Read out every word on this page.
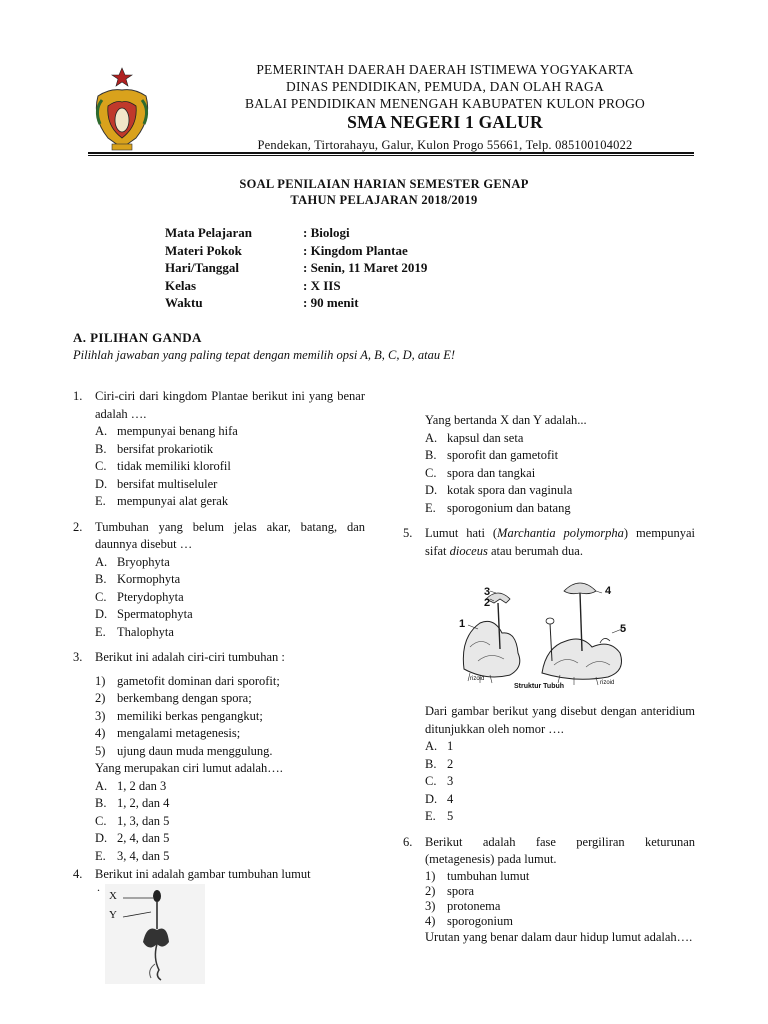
PEMERINTAH DAERAH DAERAH ISTIMEWA YOGYAKARTA
DINAS PENDIDIKAN, PEMUDA, DAN OLAH RAGA
BALAI PENDIDIKAN MENENGAH KABUPATEN KULON PROGO
SMA NEGERI 1 GALUR
Pendekan, Tirtorahayu, Galur, Kulon Progo 55661, Telp. 085100104022
SOAL PENILAIAN HARIAN SEMESTER GENAP
TAHUN PELAJARAN 2018/2019
Mata Pelajaran	: Biologi
Materi Pokok	: Kingdom Plantae
Hari/Tanggal	: Senin, 11 Maret 2019
Kelas	: X IIS
Waktu	: 90 menit
A. PILIHAN GANDA
Pilihlah jawaban yang paling tepat dengan memilih opsi A, B, C, D, atau E!
1. Ciri-ciri dari kingdom Plantae berikut ini yang benar adalah ….
A. mempunyai benang hifa
B. bersifat prokariotik
C. tidak memiliki klorofil
D. bersifat multiseluler
E. mempunyai alat gerak
2. Tumbuhan yang belum jelas akar, batang, dan daunnya disebut …
A. Bryophyta
B. Kormophyta
C. Pterydophyta
D. Spermatophyta
E. Thalophyta
3. Berikut ini adalah ciri-ciri tumbuhan :
1) gametofit dominan dari sporofit;
2) berkembang dengan spora;
3) memiliki berkas pengangkut;
4) mengalami metagenesis;
5) ujung daun muda menggulung.
Yang merupakan ciri lumut adalah….
A. 1, 2 dan 3
B. 1, 2, dan 4
C. 1, 3, dan 5
D. 2, 4, dan 5
E. 3, 4, dan 5
4. Berikut ini adalah gambar tumbuhan lumut
.
X
Y
Yang bertanda X dan Y adalah...
A. kapsul dan seta
B. sporofit dan gametofit
C. spora dan tangkai
D. kotak spora dan vaginula
E. sporogonium dan batang
5. Lumut hati (Marchantia polymorpha) mempunyai sifat dioceus atau berumah dua.
3
2
1
4
5
rizoid
rizoid
Struktur Tubuh
Dari gambar berikut yang disebut dengan anteridium ditunjukkan oleh nomor ….
A. 1
B. 2
C. 3
D. 4
E. 5
6. Berikut adalah fase pergiliran keturunan (metagenesis) pada lumut.
1) tumbuhan lumut
2) spora
3) protonema
4) sporogonium
Urutan yang benar dalam daur hidup lumut adalah….
